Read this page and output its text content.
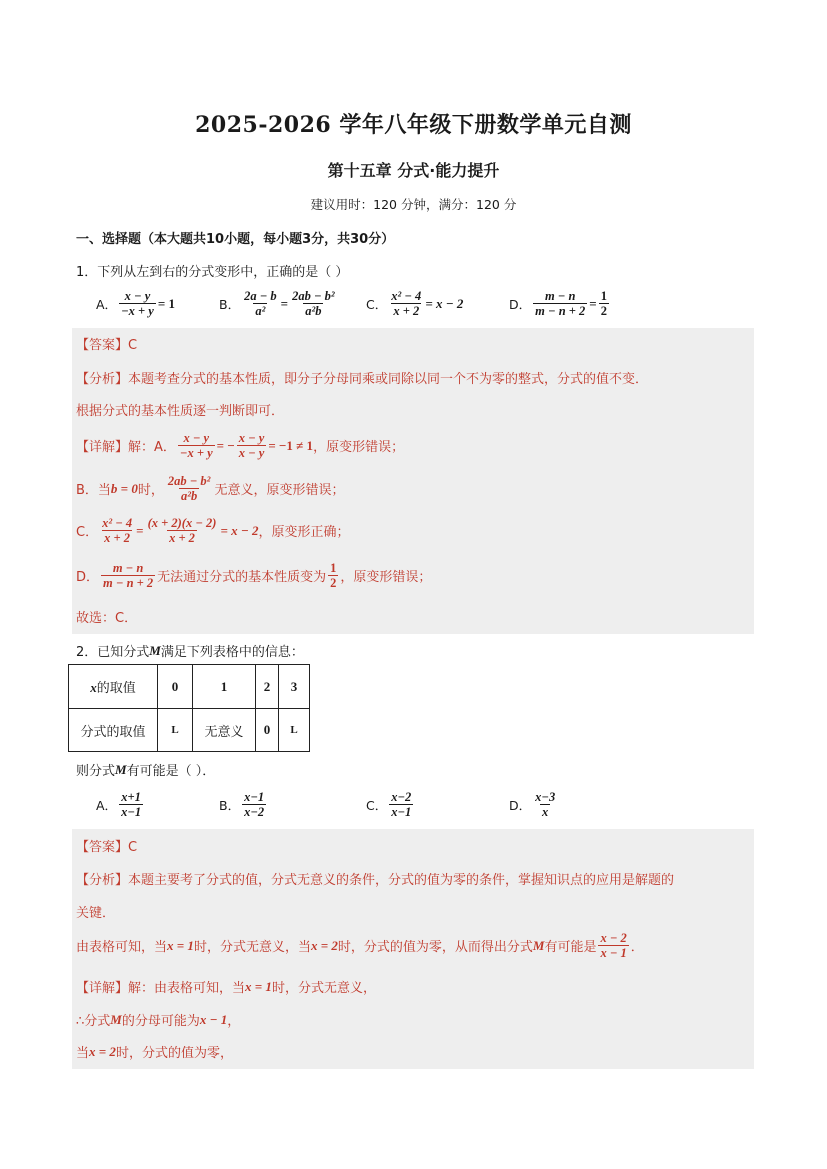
2025-2026 学年八年级下册数学单元自测
第十五章 分式·能力提升
建议用时：120 分钟，满分：120 分
一、选择题（本大题共10小题，每小题3分，共30分）
1．下列从左到右的分式变形中，正确的是（ ）
A． $\frac{x - y}{-x + y} = 1$	B． $\frac{2a - b}{\text{a²}} = \frac{\text{2ab − b²}}{\text{a²b}}$ C． $\frac{\text{x² − 4}}{x + 2} = x - 2$	D． $\frac{m - n}{m - n + 2} = \frac{1}{2}$
【答案】C
【分析】本题考查分式的基本性质，即分子分母同乘或同除以同一个不为零的整式，分式的值不变．
根据分式的基本性质逐一判断即可．
【详解】解：A． $\frac{x - y}{-x + y}$ = − $\frac{x - y}{x - y} = -1 \ne 1$ ，原变形错误；
B．当 b = 0 时， $\frac{\text{2ab − b²}}{\text{a²b}}$ 无意义，原变形错误；
C． $\frac{\text{x² − 4}}{x + 2} = \frac{(x + 2)(x - 2)}{x + 2} = x - 2$ ，原变形正确；
D． $\frac{m - n}{m - n + 2}$ 无法通过分式的基本性质变为 $\frac{1}{2}$ ，原变形错误；
故选：C．
2．已知分式 M 满足下列表格中的信息：
x的取值	0	1	2	3
分式的取值	L	无意义	0	L
则分式 M 有可能是（ ）．
A． $\frac{x+1}{x-1}$	B． $\frac{x-1}{x-2}$	C． $\frac{x-2}{x-1}$	D． $\frac{x-3}{x}$
【答案】C
【分析】本题主要考了分式的值，分式无意义的条件，分式的值为零的条件，掌握知识点的应用是解题的
关键．
由表格可知，当 x = 1 时，分式无意义，当 x = 2 时，分式的值为零，从而得出分式 M 有可能是 $\frac{x - 2}{x - 1}$ ．
【详解】解：由表格可知，当 x = 1 时，分式无意义，
∴分式 M 的分母可能为 x − 1 ，
当 x = 2 时，分式的值为零，
